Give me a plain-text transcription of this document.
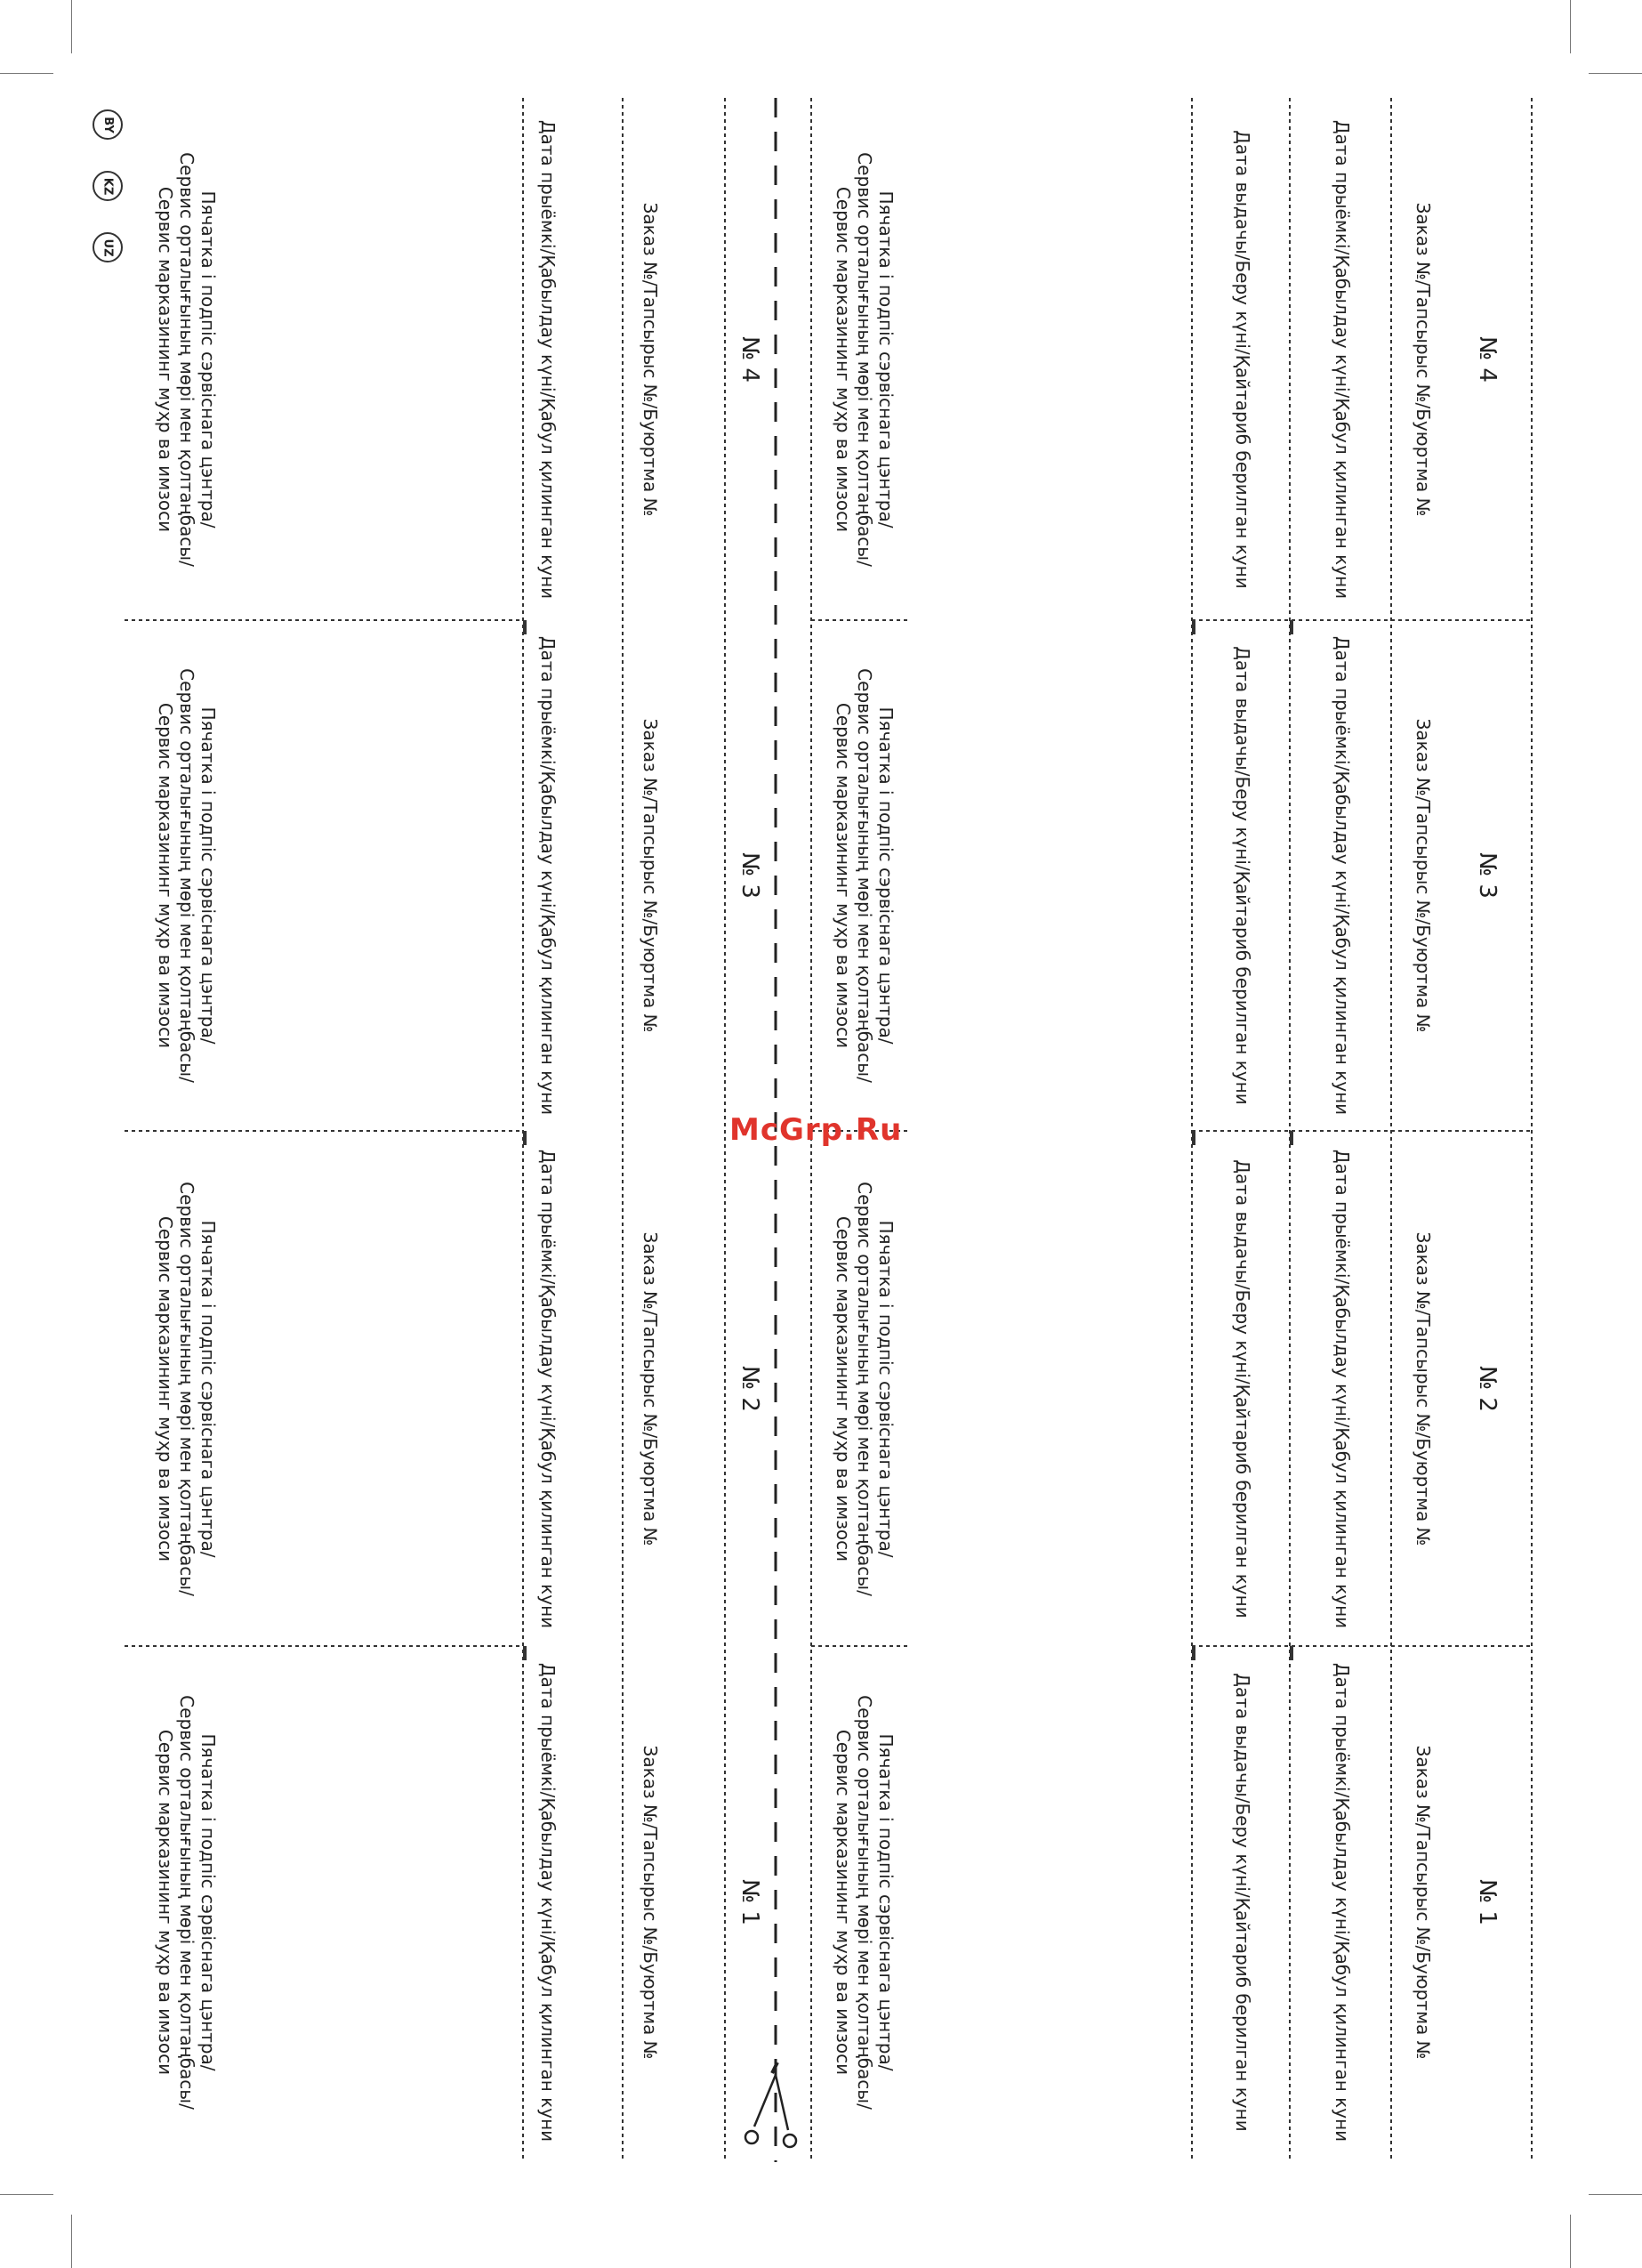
BY
KZ
UZ
№ 4
№ 3
№ 2
№ 1
Заказ №/Тапсырыс №/Буюртма №
Заказ №/Тапсырыс №/Буюртма №
Заказ №/Тапсырыс №/Буюртма №
Заказ №/Тапсырыс №/Буюртма №
Дата прыёмкі/Қабылдау күні/Қабул қилинган куни
Дата прыёмкі/Қабылдау күні/Қабул қилинган куни
Дата прыёмкі/Қабылдау күні/Қабул қилинган куни
Дата прыёмкі/Қабылдау күні/Қабул қилинган куни
Дата выдачы/Беру күні/Қайтариб берилган куни
Дата выдачы/Беру күні/Қайтариб берилган куни
Дата выдачы/Беру күні/Қайтариб берилган куни
Дата выдачы/Беру күні/Қайтариб берилган куни
Пячатка і подпіс сэрвіснага цэнтра/
Сервис орталығының мөрі мен қолтаңбасы/
Сервис марказининг муҳр ва имзоси
Пячатка і подпіс сэрвіснага цэнтра/
Сервис орталығының мөрі мен қолтаңбасы/
Сервис марказининг муҳр ва имзоси
Пячатка і подпіс сэрвіснага цэнтра/
Сервис орталығының мөрі мен қолтаңбасы/
Сервис марказининг муҳр ва имзоси
Пячатка і подпіс сэрвіснага цэнтра/
Сервис орталығының мөрі мен қолтаңбасы/
Сервис марказининг муҳр ва имзоси
№ 4
№ 3
№ 2
№ 1
Заказ №/Тапсырыс №/Буюртма №
Заказ №/Тапсырыс №/Буюртма №
Заказ №/Тапсырыс №/Буюртма №
Заказ №/Тапсырыс №/Буюртма №
Дата прыёмкі/Қабылдау күні/Қабул қилинган куни
Дата прыёмкі/Қабылдау күні/Қабул қилинган куни
Дата прыёмкі/Қабылдау күні/Қабул қилинган куни
Дата прыёмкі/Қабылдау күні/Қабул қилинган куни
Пячатка і подпіс сэрвіснага цэнтра/
Сервис орталығының мөрі мен қолтаңбасы/
Сервис марказининг муҳр ва имзоси
Пячатка і подпіс сэрвіснага цэнтра/
Сервис орталығының мөрі мен қолтаңбасы/
Сервис марказининг муҳр ва имзоси
Пячатка і подпіс сэрвіснага цэнтра/
Сервис орталығының мөрі мен қолтаңбасы/
Сервис марказининг муҳр ва имзоси
Пячатка і подпіс сэрвіснага цэнтра/
Сервис орталығының мөрі мен қолтаңбасы/
Сервис марказининг муҳр ва имзоси
McGrp.Ru
